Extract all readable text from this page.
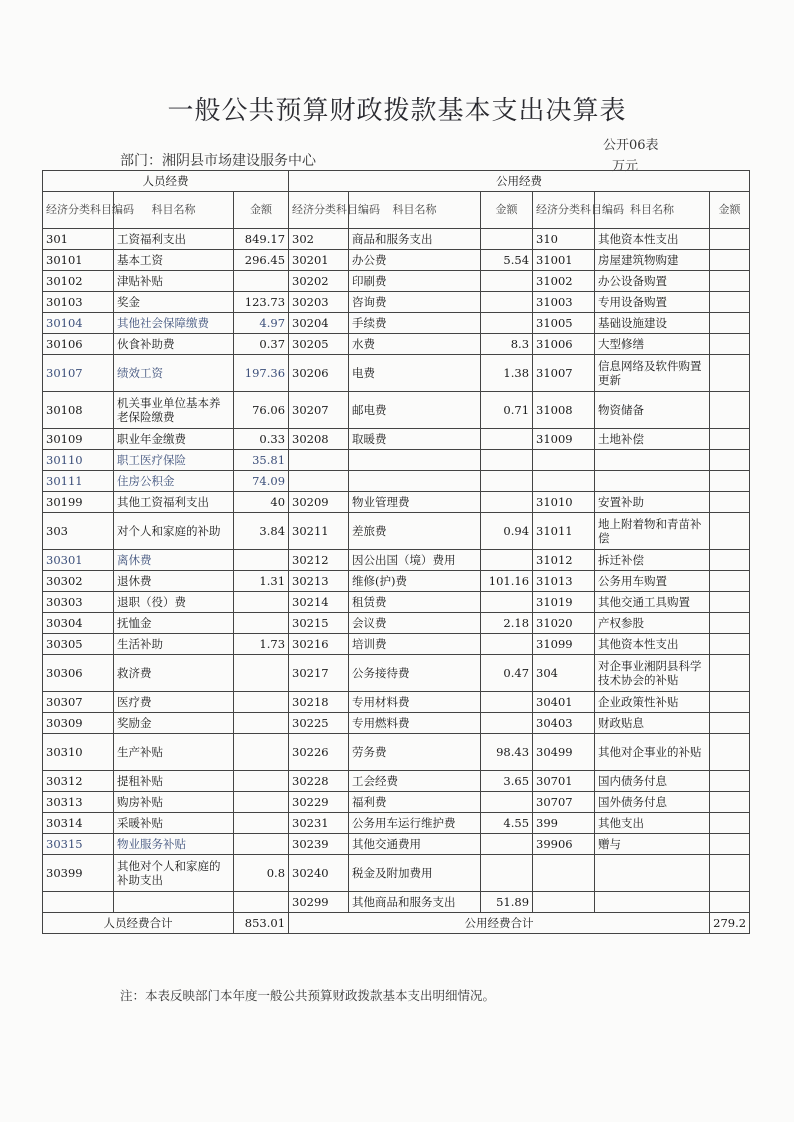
一般公共预算财政拨款基本支出决算表
公开06表
部门：湘阴县市场建设服务中心	万元
人员经费			公用经费					
经济分类科目编码	科目名称	金额	经济分类科目编码	科目名称	金额	经济分类科目编码	科目名称	金额
301	工资福利支出	849.17	302	商品和服务支出		310	其他资本性支出	
30101	基本工资	296.45	30201	办公费	5.54	31001	房屋建筑物购建	
30102	津贴补贴		30202	印刷费		31002	办公设备购置	
30103	奖金	123.73	30203	咨询费		31003	专用设备购置	
30104	其他社会保障缴费	4.97	30204	手续费		31005	基础设施建设	
30106	伙食补助费	0.37	30205	水费	8.3	31006	大型修缮	
30107	绩效工资	197.36	30206	电费	1.38	31007	信息网络及软件购置更新	
30108	机关事业单位基本养老保险缴费	76.06	30207	邮电费	0.71	31008	物资储备	
30109	职业年金缴费	0.33	30208	取暖费		31009	土地补偿	
30110	职工医疗保险	35.81						
30111	住房公积金	74.09						
30199	其他工资福利支出	40	30209	物业管理费		31010	安置补助	
303	对个人和家庭的补助	3.84	30211	差旅费	0.94	31011	地上附着物和青苗补偿	
30301	离休费		30212	因公出国（境）费用		31012	拆迁补偿	
30302	退休费	1.31	30213	维修(护)费	101.16	31013	公务用车购置	
30303	退职（役）费		30214	租赁费		31019	其他交通工具购置	
30304	抚恤金		30215	会议费	2.18	31020	产权参股	
30305	生活补助	1.73	30216	培训费		31099	其他资本性支出	
30306	救济费		30217	公务接待费	0.47	304	对企事业湘阴县科学技术协会的补贴	
30307	医疗费		30218	专用材料费		30401	企业政策性补贴	
30309	奖励金		30225	专用燃料费		30403	财政贴息	
30310	生产补贴		30226	劳务费	98.43	30499	其他对企事业的补贴	
30312	提租补贴		30228	工会经费	3.65	30701	国内债务付息	
30313	购房补贴		30229	福利费		30707	国外债务付息	
30314	采暖补贴		30231	公务用车运行维护费	4.55	399	其他支出	
30315	物业服务补贴		30239	其他交通费用		39906	赠与	
30399	其他对个人和家庭的补助支出	0.8	30240	税金及附加费用				
			30299	其他商品和服务支出	51.89			
人员经费合计		853.01	公用经费合计					279.2
注：本表反映部门本年度一般公共预算财政拨款基本支出明细情况。
